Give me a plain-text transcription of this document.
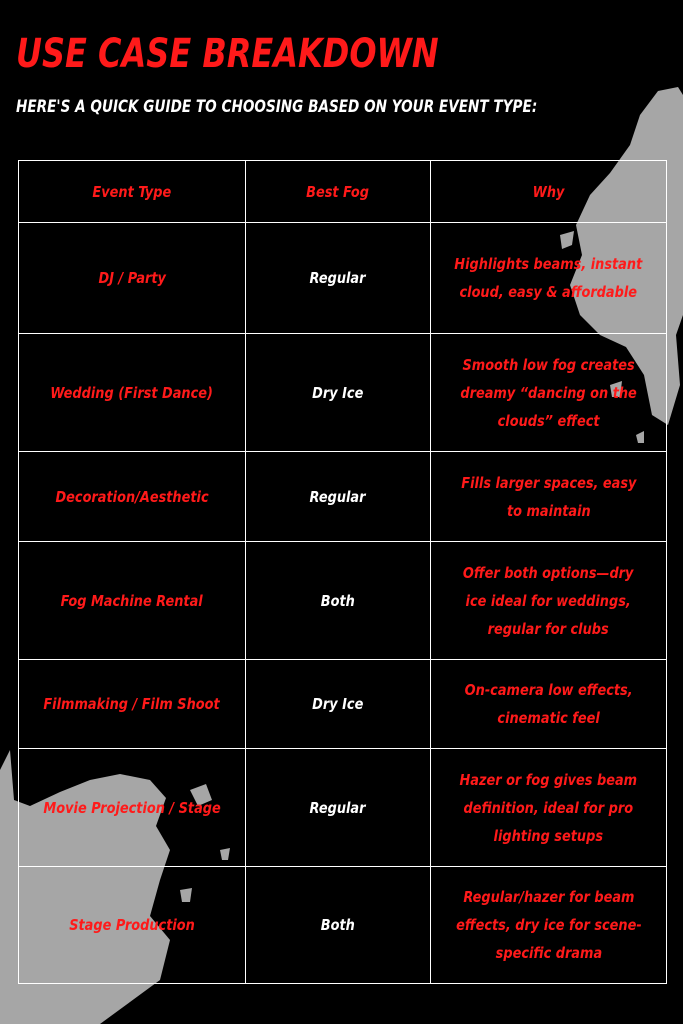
USE CASE BREAKDOWN

HERE'S A QUICK GUIDE TO CHOOSING BASED ON YOUR EVENT TYPE:

Event Type	Best Fog	Why
DJ / Party	Regular	Highlights beams, instant
cloud, easy & affordable
Wedding (First Dance)	Dry Ice	Smooth low fog creates
dreamy “dancing on the
clouds” effect
Decoration/Aesthetic	Regular	Fills larger spaces, easy
to maintain
Fog Machine Rental	Both	Offer both options—dry
ice ideal for weddings,
regular for clubs
Filmmaking / Film Shoot	Dry Ice	On-camera low effects,
cinematic feel
Movie Projection / Stage	Regular	Hazer or fog gives beam
definition, ideal for pro
lighting setups
Stage Production	Both	Regular/hazer for beam
effects, dry ice for scene-
specific drama
